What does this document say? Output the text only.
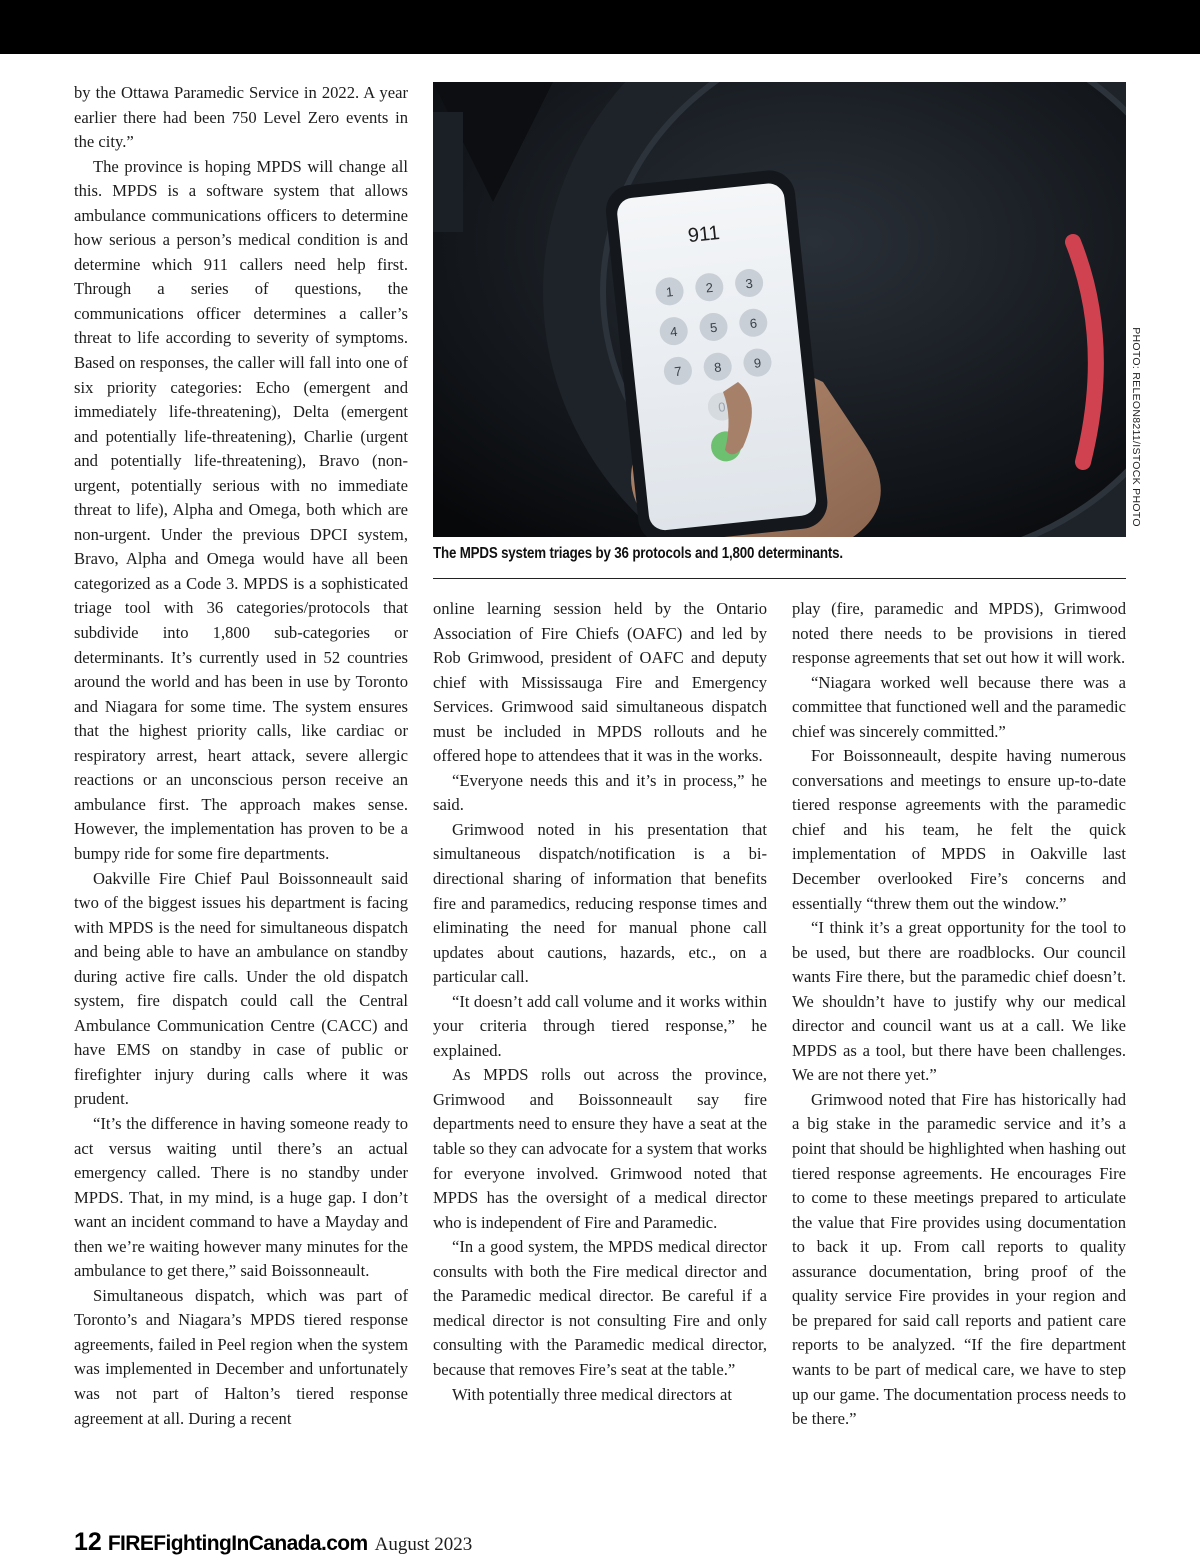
by the Ottawa Paramedic Service in 2022. A year earlier there had been 750 Level Zero events in the city.”

The province is hoping MPDS will change all this. MPDS is a software system that allows ambulance communications officers to determine how serious a person’s medical condition is and determine which 911 callers need help first. Through a series of questions, the communications officer determines a caller’s threat to life according to severity of symptoms. Based on responses, the caller will fall into one of six priority categories: Echo (emergent and immediately life-threatening), Delta (emergent and potentially life-threatening), Charlie (urgent and potentially life-threatening), Bravo (non-urgent, potentially serious with no immediate threat to life), Alpha and Omega, both which are non-urgent. Under the previous DPCI system, Bravo, Alpha and Omega would have all been categorized as a Code 3. MPDS is a sophisticated triage tool with 36 categories/protocols that subdivide into 1,800 sub-categories or determinants. It’s currently used in 52 countries around the world and has been in use by Toronto and Niagara for some time. The system ensures that the highest priority calls, like cardiac or respiratory arrest, heart attack, severe allergic reactions or an unconscious person receive an ambulance first. The approach makes sense. However, the implementation has proven to be a bumpy ride for some fire departments.

Oakville Fire Chief Paul Boissonneault said two of the biggest issues his department is facing with MPDS is the need for simultaneous dispatch and being able to have an ambulance on standby during active fire calls. Under the old dispatch system, fire dispatch could call the Central Ambulance Communication Centre (CACC) and have EMS on standby in case of public or firefighter injury during calls where it was prudent.

“It’s the difference in having someone ready to act versus waiting until there’s an actual emergency called. There is no standby under MPDS. That, in my mind, is a huge gap. I don’t want an incident command to have a Mayday and then we’re waiting however many minutes for the ambulance to get there,” said Boissonneault.

Simultaneous dispatch, which was part of Toronto’s and Niagara’s MPDS tiered response agreements, failed in Peel region when the system was implemented in December and unfortunately was not part of Halton’s tiered response agreement at all. During a recent

911
1 2 3
4 5 6
7 8 9
0	PHOTO: RELEON8211/ISTOCK PHOTO
The MPDS system triages by 36 protocols and 1,800 determinants.

online learning session held by the Ontario Association of Fire Chiefs (OAFC) and led by Rob Grimwood, president of OAFC and deputy chief with Mississauga Fire and Emergency Services. Grimwood said simultaneous dispatch must be included in MPDS rollouts and he offered hope to attendees that it was in the works.

“Everyone needs this and it’s in process,” he said.

Grimwood noted in his presentation that simultaneous dispatch/notification is a bi-directional sharing of information that benefits fire and paramedics, reducing response times and eliminating the need for manual phone call updates about cautions, hazards, etc., on a particular call.

“It doesn’t add call volume and it works within your criteria through tiered response,” he explained.

As MPDS rolls out across the province, Grimwood and Boissonneault say fire departments need to ensure they have a seat at the table so they can advocate for a system that works for everyone involved. Grimwood noted that MPDS has the oversight of a medical director who is independent of Fire and Paramedic.

“In a good system, the MPDS medical director consults with both the Fire medical director and the Paramedic medical director. Be careful if a medical director is not consulting Fire and only consulting with the Paramedic medical director, because that removes Fire’s seat at the table.”

With potentially three medical directors at

play (fire, paramedic and MPDS), Grimwood noted there needs to be provisions in tiered response agreements that set out how it will work.

“Niagara worked well because there was a committee that functioned well and the paramedic chief was sincerely committed.”

For Boissonneault, despite having numerous conversations and meetings to ensure up-to-date tiered response agreements with the paramedic chief and his team, he felt the quick implementation of MPDS in Oakville last December overlooked Fire’s concerns and essentially “threw them out the window.”

“I think it’s a great opportunity for the tool to be used, but there are roadblocks. Our council wants Fire there, but the paramedic chief doesn’t. We shouldn’t have to justify why our medical director and council want us at a call. We like MPDS as a tool, but there have been challenges. We are not there yet.”

Grimwood noted that Fire has historically had a big stake in the paramedic service and it’s a point that should be highlighted when hashing out tiered response agreements. He encourages Fire to come to these meetings prepared to articulate the value that Fire provides using documentation to back it up. From call reports to quality assurance documentation, bring proof of the quality service Fire provides in your region and be prepared for said call reports and patient care reports to be analyzed. “If the fire department wants to be part of medical care, we have to step up our game. The documentation process needs to be there.”

12 FIREFightingInCanada.com August 2023
